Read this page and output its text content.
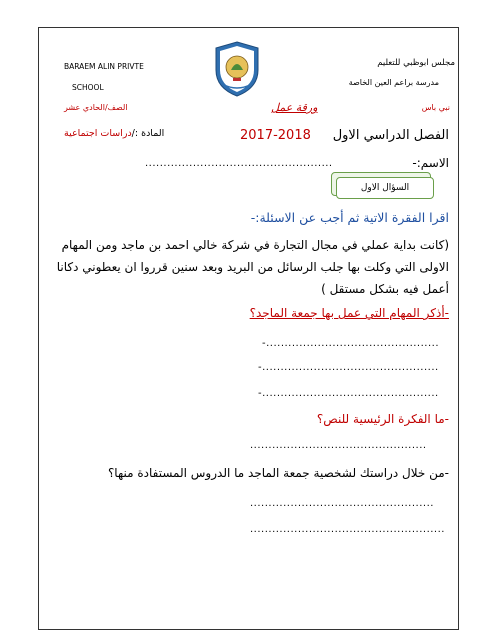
BARAEM ALIN PRIVTE
SCHOOL
مجلس ابوظبي للتعليم
مدرسة براعم العين الخاصة
نبي باس
ورقة عمل
الصف/الحادي عشر
الفصل الدراسي الاول
2017-2018
المادة :/دراسات اجتماعية
الاسم:-
...................................................
السؤال الاول
اقرا الفقرة الاتية ثم أجب عن الاسئلة:-
(كانت بداية عملي في مجال التجارة في شركة خالي احمد بن ماجد ومن المهام
الاولى التي وكلت بها جلب الرسائل من البريد وبعد سنين قرروا ان يعطوني دكانا
أعمل فيه بشكل مستقل )
-أذكر المهام التي عمل بها جمعة الماجد؟
-...............................................
-................................................
-................................................
-ما الفكرة الرئيسية للنص؟
................................................
-من خلال دراستك لشخصية جمعة الماجد ما الدروس المستفادة منها؟
..................................................
.....................................................
